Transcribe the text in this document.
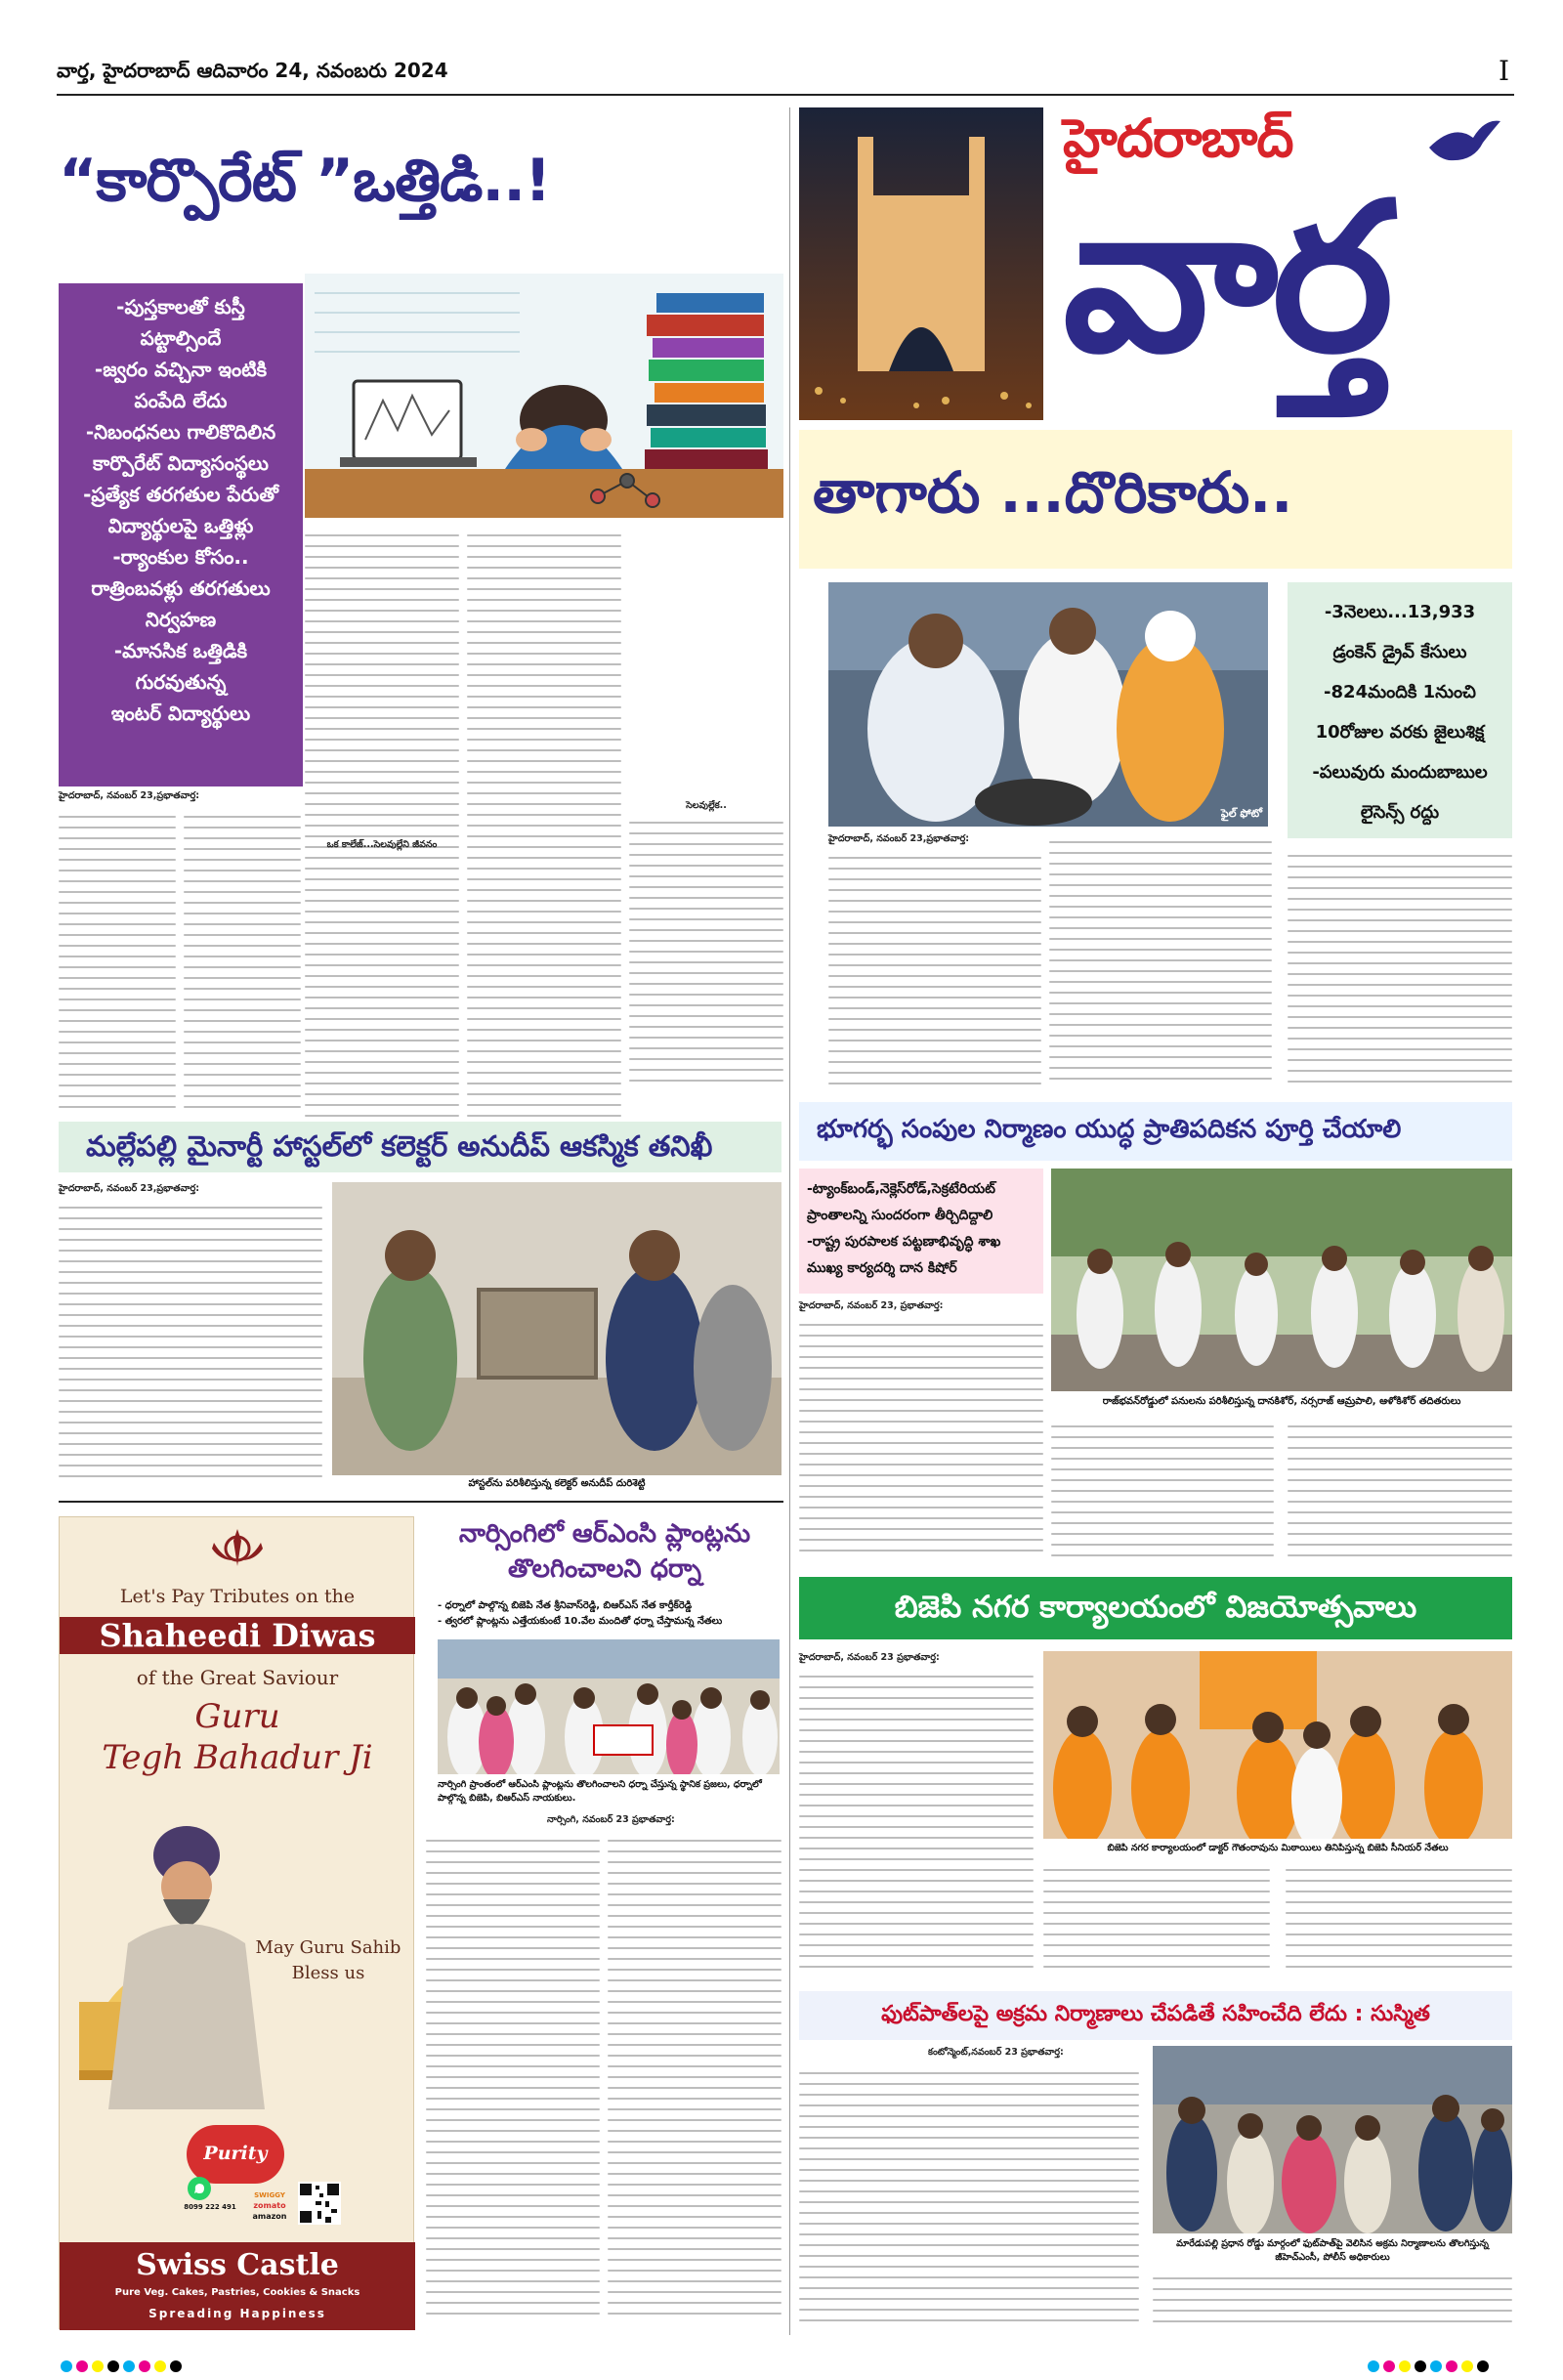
వార్త, హైదరాబాద్ ఆదివారం 24, నవంబరు 2024	I
“కార్పొరేట్ ”ఒత్తిడి..!
-పుస్తకాలతో కుస్తీ
పట్టాల్సిందే
-జ్వరం వచ్చినా ఇంటికి
పంపేది లేదు
-నిబంధనలు గాలికొదిలిన
కార్పొరేట్ విద్యాసంస్థలు
-ప్రత్యేక తరగతుల పేరుతో
విద్యార్థులపై ఒత్తిళ్లు
-ర్యాంకుల కోసం..
రాత్రింబవళ్లు తరగతులు
నిర్వహణ
-మానసిక ఒత్తిడికి
గురవుతున్న
ఇంటర్ విద్యార్థులు
సెలవుల్లేక..
హైదరాబాద్, నవంబర్ 23,ప్రభాతవార్త:
ఒక కాలేజ్...సెలవుల్లేని జీవనం
హైదరాబాద్
వార్త
తాగారు ...దొరికారు..
ఫైల్ ఫోటో
-3నెలలు...13,933
డ్రంకెన్ డ్రైవ్ కేసులు
-824మందికి 1నుంచి
10రోజుల వరకు జైలుశిక్ష
-పలువురు మందుబాబుల
లైసెన్స్ రద్దు
హైదరాబాద్, నవంబర్ 23,ప్రభాతవార్త:
మల్లేపల్లి మైనార్టీ హాస్టల్‌లో కలెక్టర్ అనుదీప్ ఆకస్మిక తనిఖీ
హైదరాబాద్, నవంబర్ 23,ప్రభాతవార్త:
హాస్టల్‌ను పరిశీలిస్తున్న కలెక్టర్ అనుదీప్ దురిశెట్టి
భూగర్భ సంపుల నిర్మాణం యుద్ధ ప్రాతిపదికన పూర్తి చేయాలి
-ట్యాంక్‌బండ్,నెక్లెస్‌రోడ్,సెక్రటేరియట్
ప్రాంతాలన్ని సుందరంగా తీర్చిదిద్దాలి
-రాష్ట్ర పురపాలక పట్టణాభివృద్ధి శాఖ
ముఖ్య కార్యదర్శి దాన కిషోర్
రాజ్‌భవన్‌రోడ్డులో పనులను పరిశీలిస్తున్న దానకిశోర్, నర్సరాజ్ ఆమ్రపాలి, ఆళోకిశోర్ తదితరులు
హైదరాబాద్, నవంబర్ 23, ప్రభాతవార్త:
నార్సింగిలో ఆర్‌ఎంసి ప్లాంట్లను తొలగించాలని ధర్నా
- ధర్నాలో పాల్గొన్న బిజెపి నేత శ్రీనివాస్‌రెడ్డి, బిఆర్‌ఎస్ నేత కార్తీక్‌రెడ్డి
- త్వరలో ప్లాంట్లను ఎత్తేయకుంటే 10.వేల మందితో ధర్నా చేస్తామన్న నేతలు
నార్సింగి ప్రాంతంలో ఆర్‌ఎంసి ప్లాంట్లను తొలగించాలని ధర్నా చేస్తున్న స్థానిక ప్రజలు, ధర్నాలో పాల్గొన్న బిజెపి, బిఆర్‌ఎస్ నాయకులు.
నార్సింగి, నవంబర్ 23 ప్రభాతవార్త:
బిజెపి నగర కార్యాలయంలో విజయోత్సవాలు
హైదరాబాద్, నవంబర్ 23 ప్రభాతవార్త:
బిజెపి నగర కార్యాలయంలో డాక్టర్ గౌతంరావును మిఠాయిలు తినిపిస్తున్న బిజెపి సీనియర్ నేతలు
ఫుట్‌పాత్‌లపై అక్రమ నిర్మాణాలు చేపడితే సహించేది లేదు : సుస్మిత
కంటోన్మెంట్,నవంబర్ 23 ప్రభాతవార్త:
మారేడుపల్లి ప్రధాన రోడ్డు మార్గంలో ఫుట్‌పాత్‌పై వెలిసిన అక్రమ నిర్మాణాలను తొలగిస్తున్న జీహెచ్‌ఎంసీ, పోలీస్ అధికారులు
Let's Pay Tributes on the
Shaheedi Diwas
of the Great Saviour
Guru
Tegh Bahadur Ji
May Guru Sahib
Bless us
Purity
8099 222 491
SWIGGY
zomato
amazon
Swiss Castle
Pure Veg. Cakes, Pastries, Cookies & Snacks
Spreading Happiness
